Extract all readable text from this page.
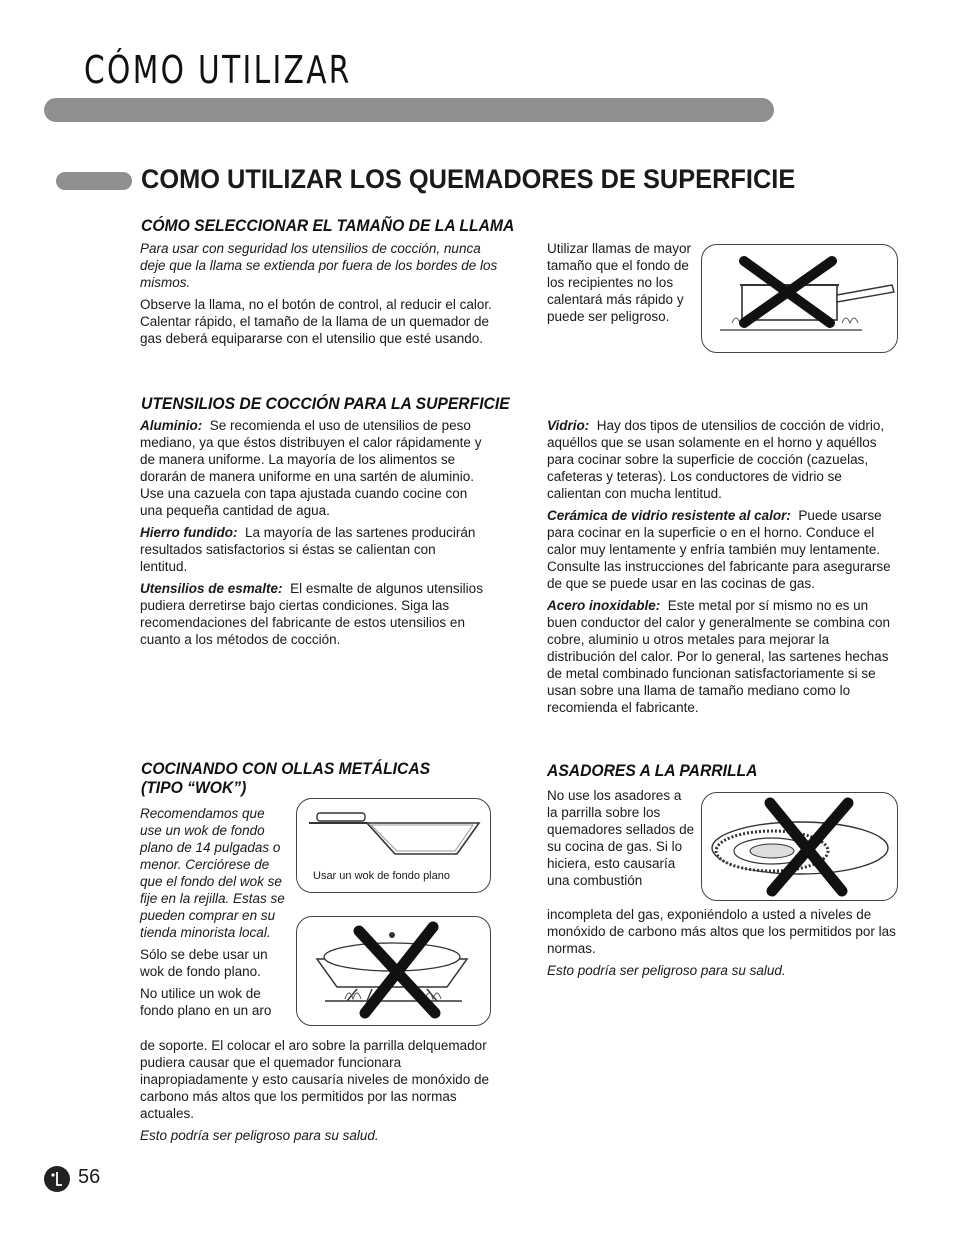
CÓMO UTILIZAR
COMO UTILIZAR LOS QUEMADORES DE SUPERFICIE
CÓMO SELECCIONAR EL TAMAÑO DE LA LLAMA

Para usar con seguridad los utensilios de cocción, nunca deje que la llama se extienda por fuera de los bordes de los mismos.

Observe la llama, no el botón de control, al reducir el calor. Calentar rápido, el tamaño de la llama de un quemador de gas deberá equipararse con el utensilio que esté usando.

Utilizar llamas de mayor tamaño que el fondo de los recipientes no los calentará más rápido y puede ser peligroso.
UTENSILIOS DE COCCIÓN PARA LA SUPERFICIE

Aluminio: Se recomienda el uso de utensilios de peso mediano, ya que éstos distribuyen el calor rápidamente y de manera uniforme. La mayoría de los alimentos se dorarán de manera uniforme en una sartén de aluminio. Use una cazuela con tapa ajustada cuando cocine con una pequeña cantidad de agua.

Hierro fundido: La mayoría de las sartenes producirán resultados satisfactorios si éstas se calientan con lentitud.

Utensilios de esmalte: El esmalte de algunos utensilios pudiera derretirse bajo ciertas condiciones. Siga las recomendaciones del fabricante de estos utensilios en cuanto a los métodos de cocción.

Vidrio: Hay dos tipos de utensilios de cocción de vidrio, aquéllos que se usan solamente en el horno y aquéllos para cocinar sobre la superficie de cocción (cazuelas, cafeteras y teteras). Los conductores de vidrio se calientan con mucha lentitud.

Cerámica de vidrio resistente al calor: Puede usarse para cocinar en la superficie o en el horno. Conduce el calor muy lentamente y enfría también muy lentamente. Consulte las instrucciones del fabricante para asegurarse de que se puede usar en las cocinas de gas.

Acero inoxidable: Este metal por sí mismo no es un buen conductor del calor y generalmente se combina con cobre, aluminio u otros metales para mejorar la distribución del calor. Por lo general, las sartenes hechas de metal combinado funcionan satisfactoriamente si se usan sobre una llama de tamaño mediano como lo recomienda el fabricante.

COCINANDO CON OLLAS METÁLICAS
(TIPO “WOK”)

Recomendamos que use un wok de fondo plano de 14 pulgadas o menor. Cerciórese de que el fondo del wok se fije en la rejilla. Estas se pueden comprar en su tienda minorista local.

Sólo se debe usar un wok de fondo plano.

No utilice un wok de fondo plano en un aro

de soporte. El colocar el aro sobre la parrilla delquemador pudiera causar que el quemador funcionara inapropiadamente y esto causaría niveles de monóxido de carbono más altos que los permitidos por las normas actuales.

Esto podría ser peligroso para su salud.

Usar un wok de fondo plano
ASADORES A LA PARRILLA
No use los asadores a la parrilla sobre los quemadores sellados de su cocina de gas. Si lo hiciera, esto causaría una combustión

incompleta del gas, exponiéndolo a usted a niveles de monóxido de carbono más altos que los permitidos por las normas.

Esto podría ser peligroso para su salud.

56
